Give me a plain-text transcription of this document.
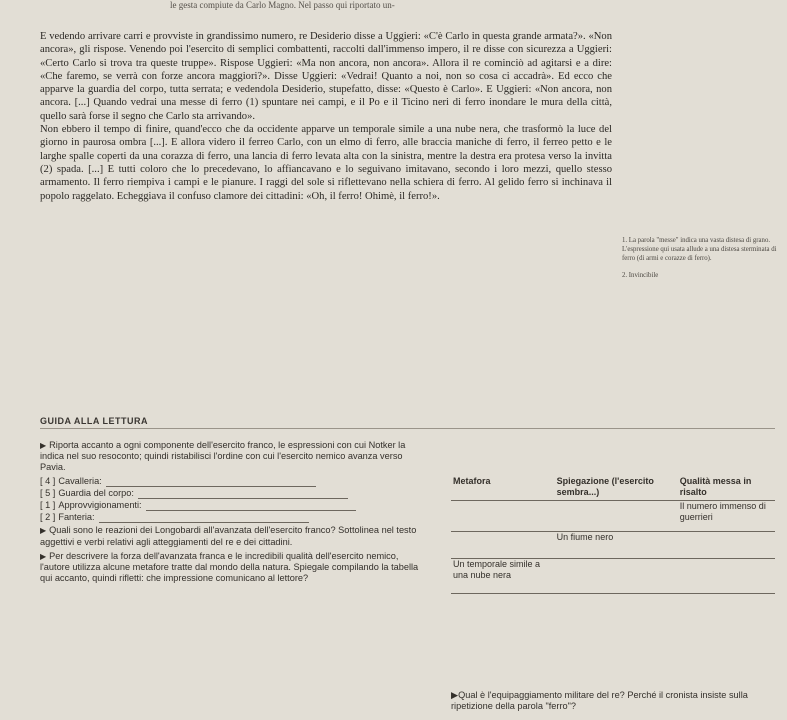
le gesta compiute da Carlo Magno. Nel passo qui riportato un-

E vedendo arrivare carri e provviste in grandissimo numero, re Desiderio disse a Uggieri: «C'è Carlo in questa grande armata?». «Non ancora», gli rispose. Venendo poi l'esercito di semplici combattenti, raccolti dall'immenso impero, il re disse con sicurezza a Uggieri: «Certo Carlo si trova tra queste truppe». Rispose Uggieri: «Ma non ancora, non ancora». Allora il re cominciò ad agitarsi e a dire: «Che faremo, se verrà con forze ancora maggiori?». Disse Uggieri: «Vedrai! Quanto a noi, non so cosa ci accadrà». Ed ecco che apparve la guardia del corpo, tutta serrata; e vedendola Desiderio, stupefatto, disse: «Questo è Carlo». E Uggieri: «Non ancora, non ancora. [...] Quando vedrai una messe di ferro (1) spuntare nei campi, e il Po e il Ticino neri di ferro inondare le mura della città, quello sarà forse il segno che Carlo sta arrivando».

Non ebbero il tempo di finire, quand'ecco che da occidente apparve un temporale simile a una nube nera, che trasformò la luce del giorno in paurosa ombra [...]. E allora videro il ferreo Carlo, con un elmo di ferro, alle braccia maniche di ferro, il ferreo petto e le larghe spalle coperti da una corazza di ferro, una lancia di ferro levata alta con la sinistra, mentre la destra era protesa verso la invitta (2) spada. [...] E tutti coloro che lo precedevano, lo affiancavano e lo seguivano imitavano, secondo i loro mezzi, quello stesso armamento. Il ferro riempiva i campi e le pianure. I raggi del sole si riflettevano nella schiera di ferro. Al gelido ferro si inchinava il popolo raggelato. Echeggiava il confuso clamore dei cittadini: «Oh, il ferro! Ohimè, il ferro!».

1. La parola "messe" indica una vasta distesa di grano. L'espressione qui usata allude a una distesa sterminata di ferro (di armi e corazze di ferro).
2. Invincibile
GUIDA ALLA LETTURA
▶ Riporta accanto a ogni componente dell'esercito franco, le espressioni con cui Notker la indica nel suo resoconto; quindi ristabilisci l'ordine con cui l'esercito nemico avanza verso Pavia.
[ 4 ] Cavalleria:
[ 5 ] Guardia del corpo:
[ 1 ] Approvvigionamenti:
[ 2 ] Fanteria:
▶ Quali sono le reazioni dei Longobardi all'avanzata dell'esercito franco? Sottolinea nel testo aggettivi e verbi relativi agli atteggiamenti del re e dei cittadini.
▶ Per descrivere la forza dell'avanzata franca e le incredibili qualità dell'esercito nemico, l'autore utilizza alcune metafore tratte dal mondo della natura. Spiegale compilando la tabella qui accanto, quindi rifletti: che impressione comunicano al lettore?
Metafora	Spiegazione (l'esercito sembra...)	Qualità messa in risalto
		Il numero immenso di guerrieri
	Un fiume nero	
Un temporale simile a una nube nera		
▶Qual è l'equipaggiamento militare del re? Perché il cronista insiste sulla ripetizione della parola "ferro"?
